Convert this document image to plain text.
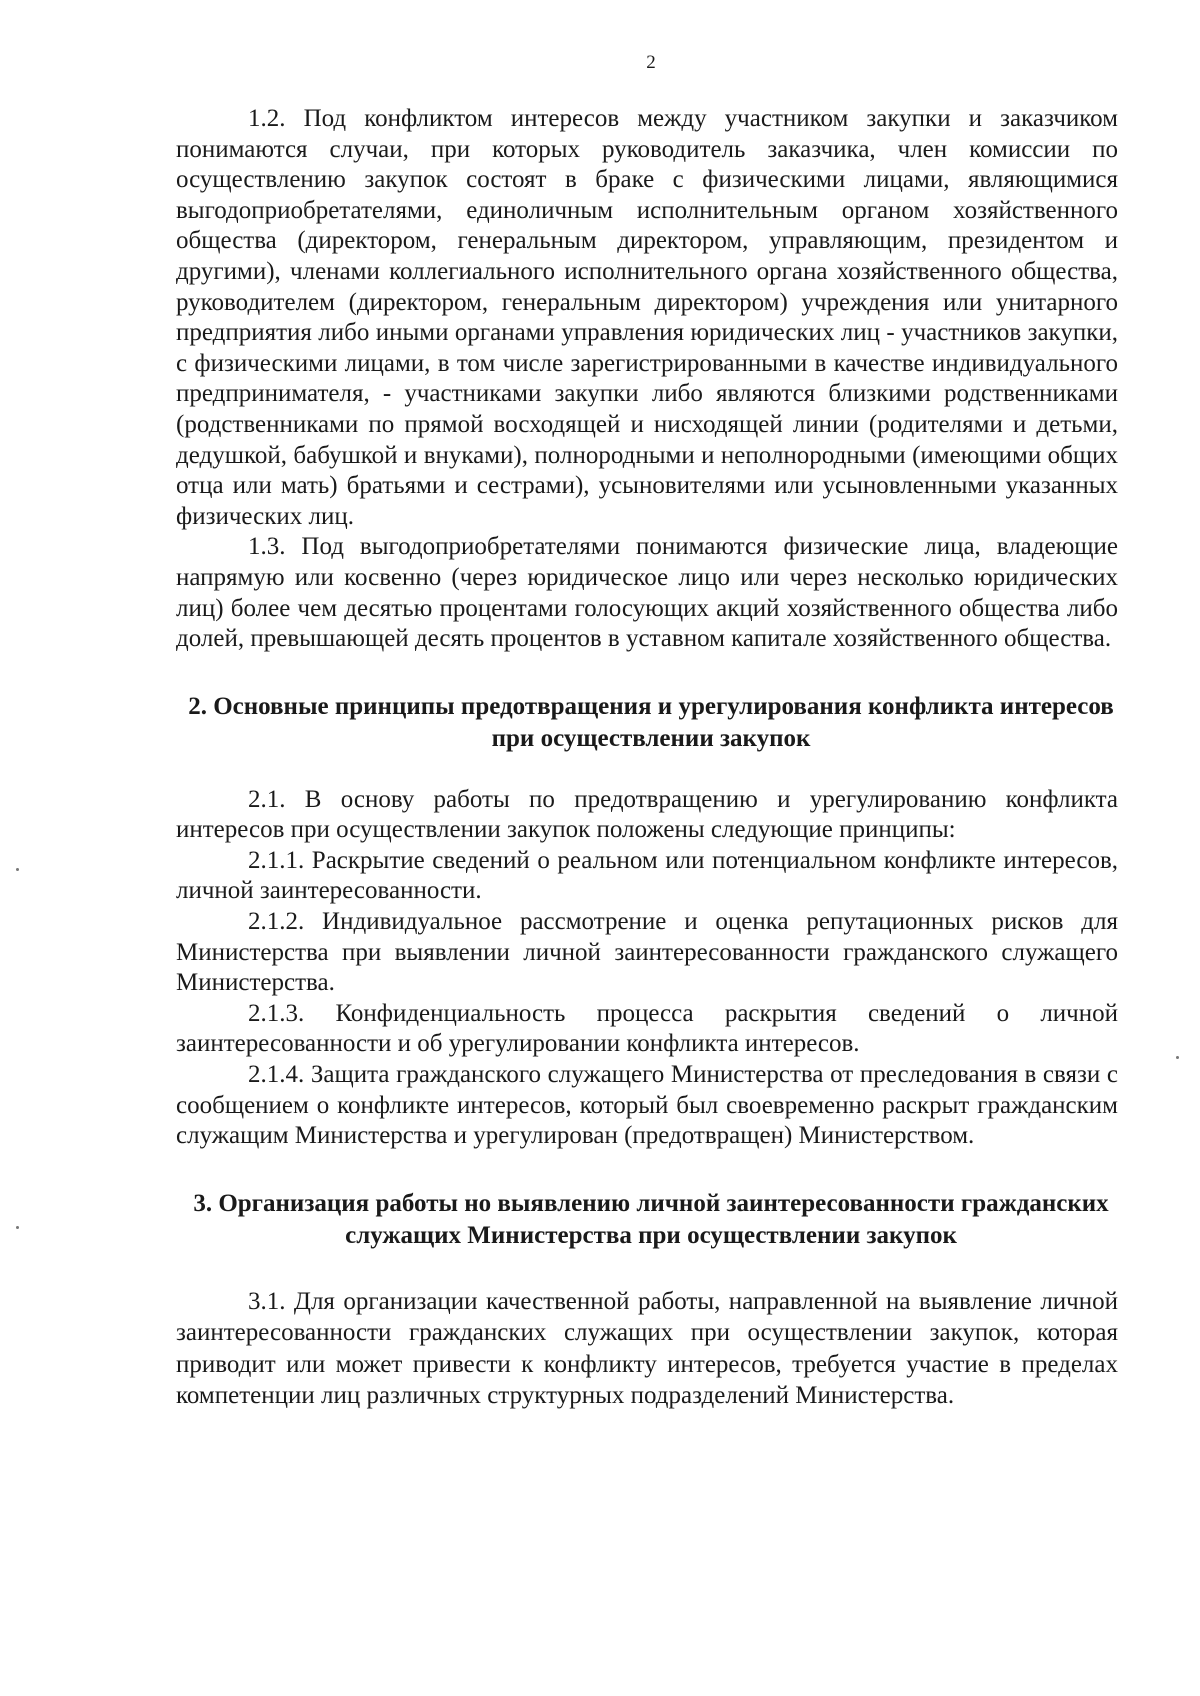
2

1.2. Под конфликтом интересов между участником закупки и заказчиком понимаются случаи, при которых руководитель заказчика, член комиссии по осуществлению закупок состоят в браке с физическими лицами, являющимися выгодоприобретателями, единоличным исполнительным органом хозяйственного общества (директором, генеральным директором, управляющим, президентом и другими), членами коллегиального исполнительного органа хозяйственного общества, руководителем (директором, генеральным директором) учреждения или унитарного предприятия либо иными органами управления юридических лиц - участников закупки, с физическими лицами, в том числе зарегистрированными в качестве индивидуального предпринимателя, - участниками закупки либо являются близкими родственниками (родственниками по прямой восходящей и нисходящей линии (родителями и детьми, дедушкой, бабушкой и внуками), полнородными и неполнородными (имеющими общих отца или мать) братьями и сестрами), усыновителями или усыновленными указанных физических лиц.

1.3. Под выгодоприобретателями понимаются физические лица, владеющие напрямую или косвенно (через юридическое лицо или через несколько юридических лиц) более чем десятью процентами голосующих акций хозяйственного общества либо долей, превышающей десять процентов в уставном капитале хозяйственного общества.

2. Основные принципы предотвращения и урегулирования конфликта интересов при осуществлении закупок

2.1. В основу работы по предотвращению и урегулированию конфликта интересов при осуществлении закупок положены следующие принципы:

2.1.1. Раскрытие сведений о реальном или потенциальном конфликте интересов, личной заинтересованности.

2.1.2. Индивидуальное рассмотрение и оценка репутационных рисков для Министерства при выявлении личной заинтересованности гражданского служащего Министерства.

2.1.3. Конфиденциальность процесса раскрытия сведений о личной заинтересованности и об урегулировании конфликта интересов.

2.1.4. Защита гражданского служащего Министерства от преследования в связи с сообщением о конфликте интересов, который был своевременно раскрыт гражданским служащим Министерства и урегулирован (предотвращен) Министерством.

3. Организация работы но выявлению личной заинтересованности гражданских служащих Министерства при осуществлении закупок

3.1. Для организации качественной работы, направленной на выявление личной заинтересованности гражданских служащих при осуществлении закупок, которая приводит или может привести к конфликту интересов, требуется участие в пределах компетенции лиц различных структурных подразделений Министерства.
